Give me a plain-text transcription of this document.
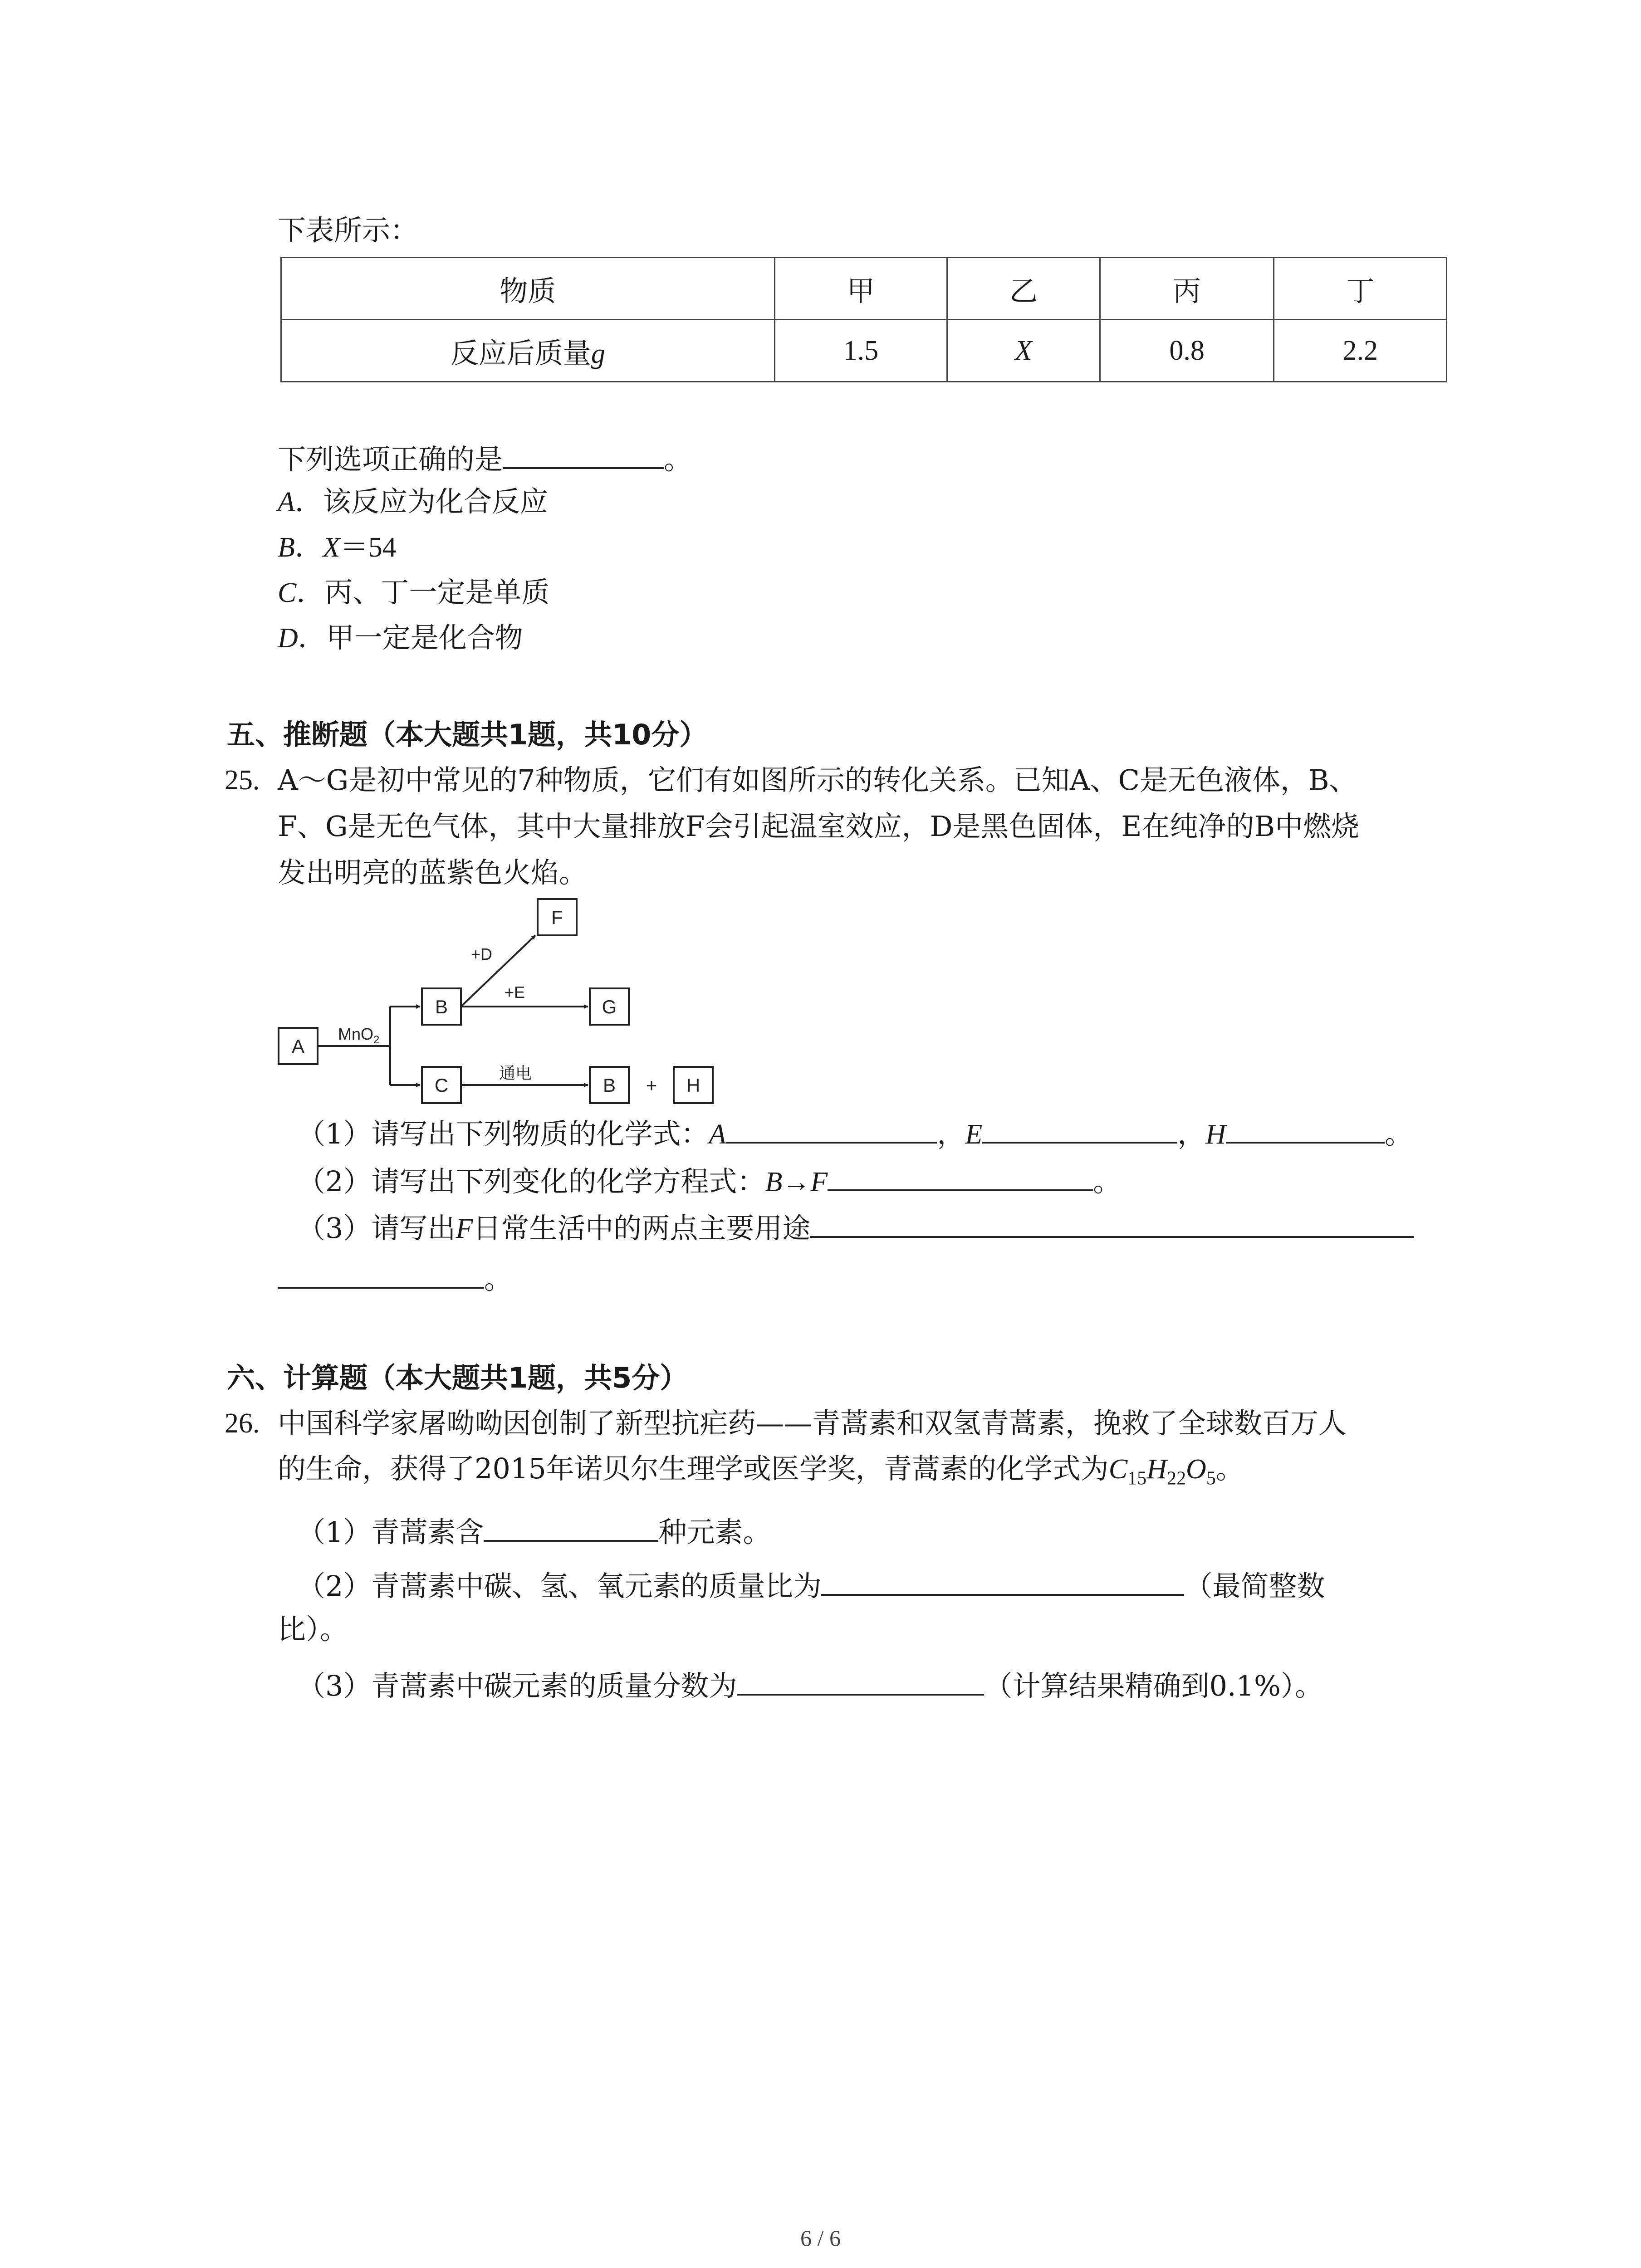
下表所示：
物质	甲	乙	丙	丁
反应后质量g	1.5	X	0.8	2.2
下列选项正确的是	。
A．该反应为化合反应
B．X＝54
C．丙、丁一定是单质
D．甲一定是化合物
五、推断题（本大题共1题，共10分）
25. A～G是初中常见的7种物质，它们有如图所示的转化关系。已知A、C是无色液体，B、
F、G是无色气体，其中大量排放F会引起温室效应，D是黑色固体，E在纯净的B中燃烧
发出明亮的蓝紫色火焰。
A
B
C
F
G
B	H
+
MnO$_2$
+D
+E
通电
（1）请写出下列物质的化学式：A	，E	，H	。
（2）请写出下列变化的化学方程式：B→F	。
（3）请写出F日常生活中的两点主要用途
。
六、计算题（本大题共1题，共5分）
26. 中国科学家屠呦呦因创制了新型抗疟药——青蒿素和双氢青蒿素，挽救了全球数百万人
的生命，获得了2015年诺贝尔生理学或医学奖，青蒿素的化学式为$C_{15}H_{22}O_5$。
（1）青蒿素含	种元素。
（2）青蒿素中碳、氢、氧元素的质量比为	（最简整数
比）。
（3）青蒿素中碳元素的质量分数为	（计算结果精确到0.1%）。
6 / 6
